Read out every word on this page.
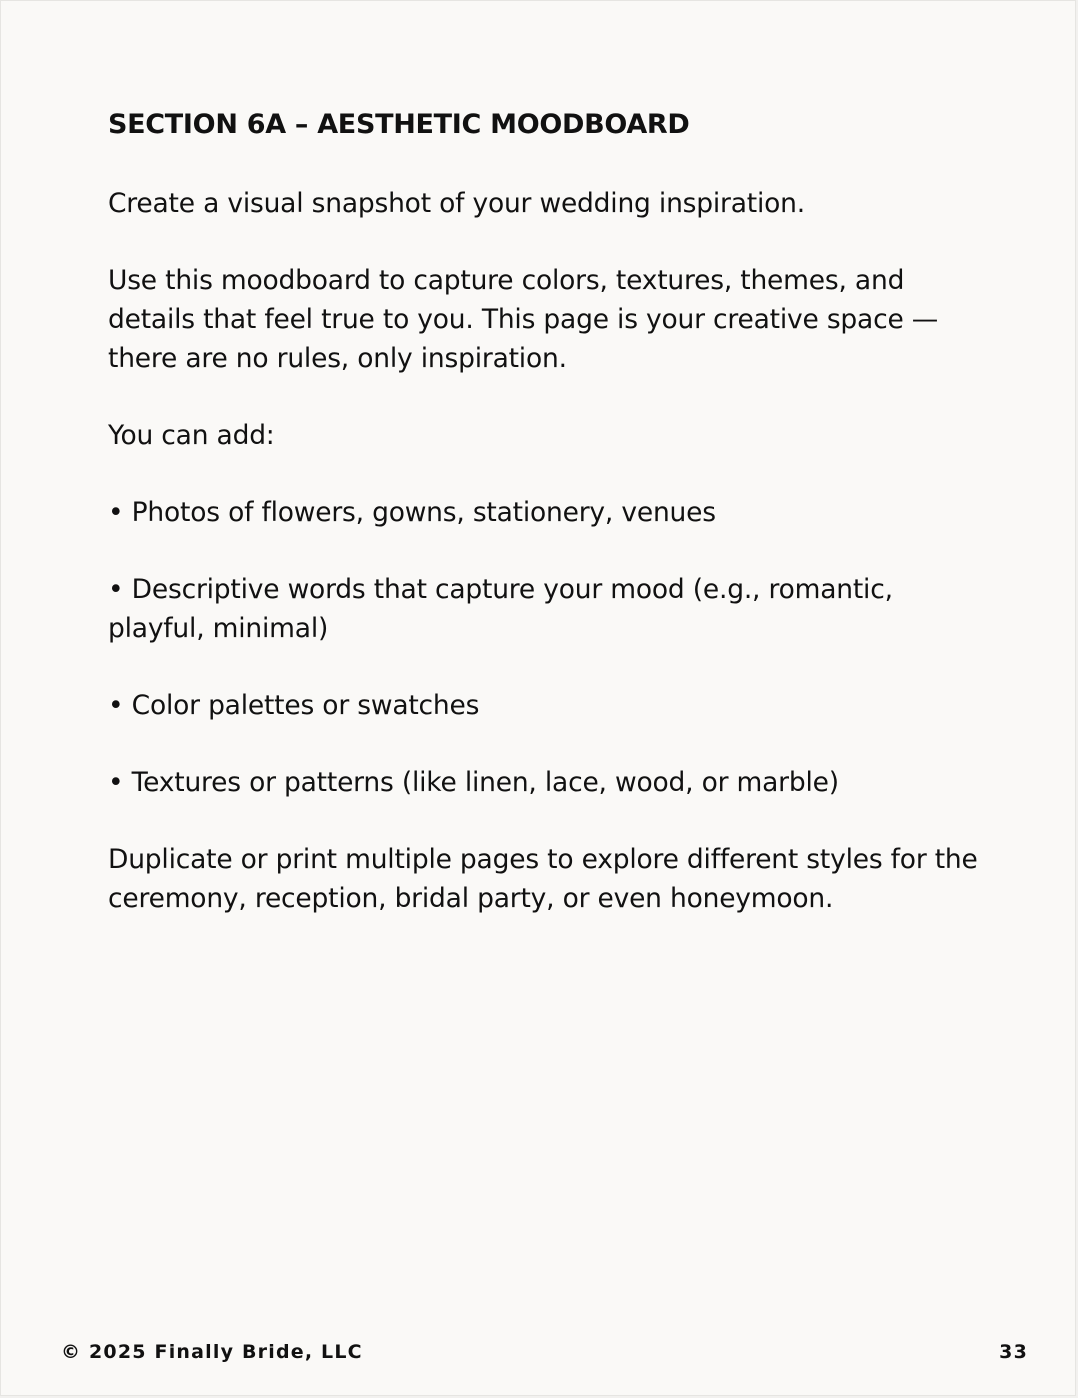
SECTION 6A – AESTHETIC MOODBOARD

Create a visual snapshot of your wedding inspiration.

Use this moodboard to capture colors, textures, themes, and details that feel true to you. This page is your creative space — there are no rules, only inspiration.

You can add:

• Photos of flowers, gowns, stationery, venues

• Descriptive words that capture your mood (e.g., romantic, playful, minimal)

• Color palettes or swatches

• Textures or patterns (like linen, lace, wood, or marble)

Duplicate or print multiple pages to explore different styles for the ceremony, reception, bridal party, or even honeymoon.

© 2025 Finally Bride, LLC	33
